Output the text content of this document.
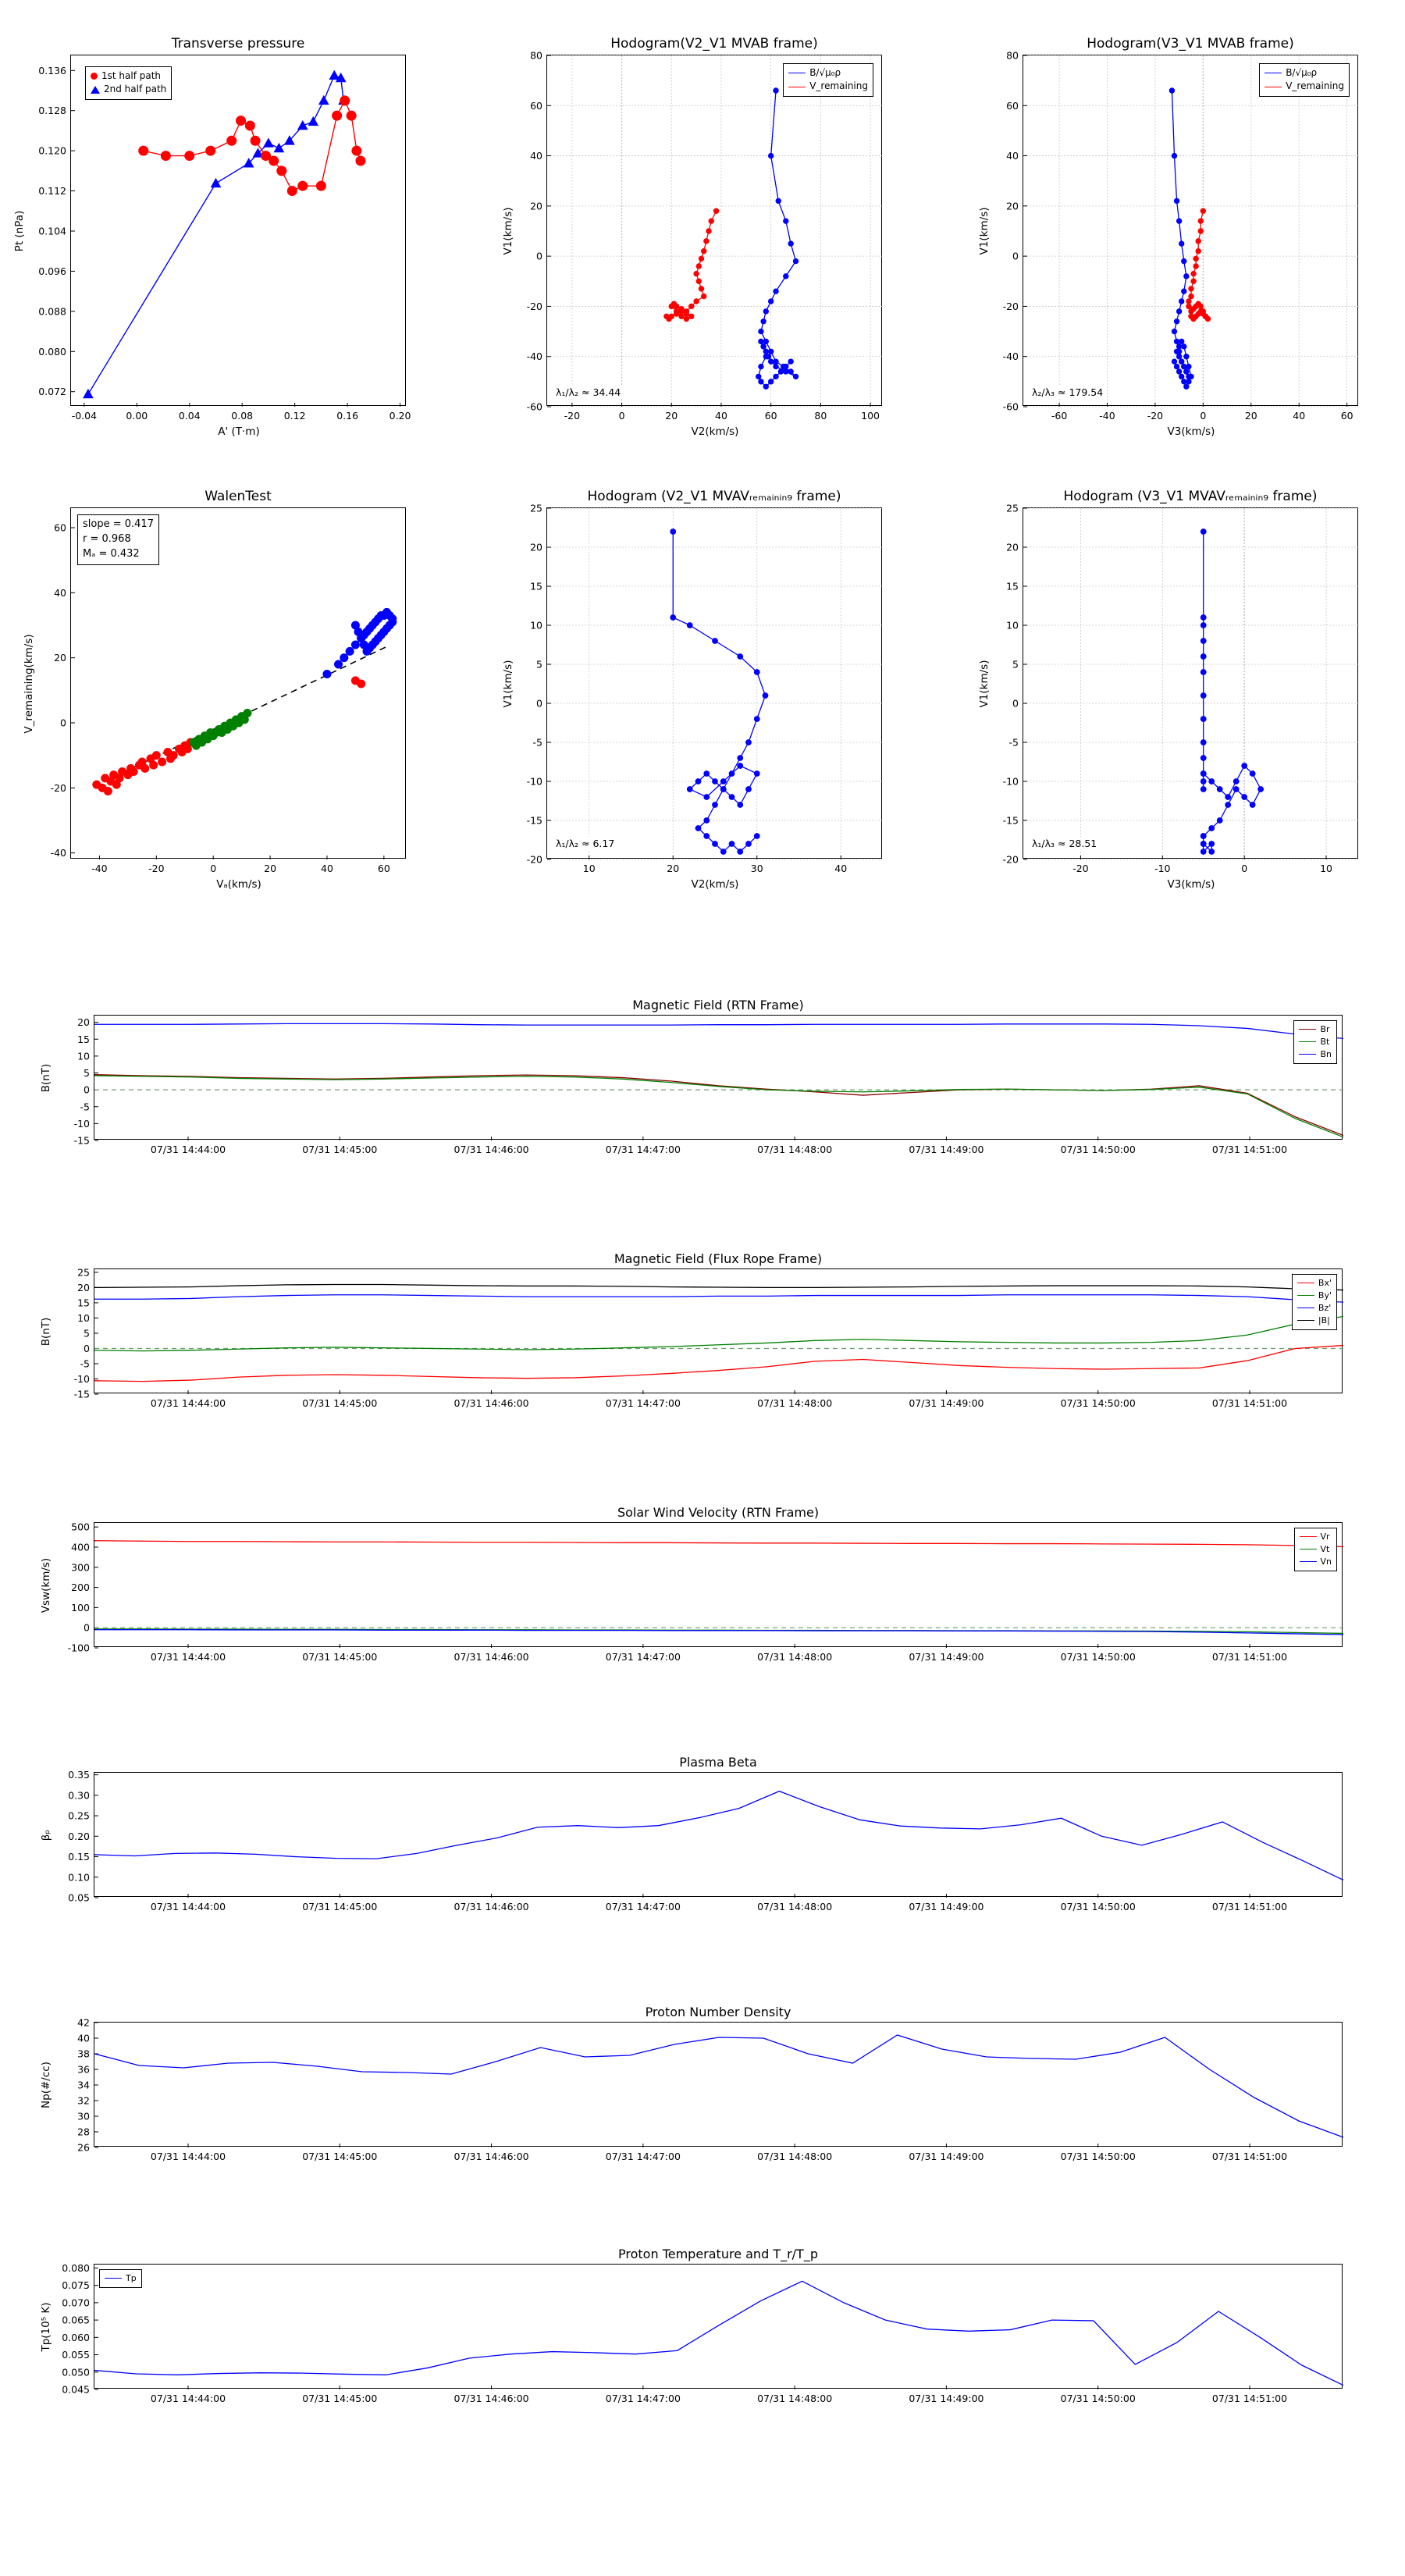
Transverse pressure
-0.04	0.00	0.04	0.08	0.12	0.16	0.20
0.072
0.080
0.088
0.096
0.104
0.112
0.120
0.128
0.136
A' (T·m)
Pt (nPa)
1st half path
2nd half path
Hodogram(V2_V1 MVAB frame)
-20	0	20	40	60	80	100
-60
-40
-20
0
20
40
60
80
V2(km/s)
V1(km/s)
B/√μ₀ρ
V_remaining
λ₁/λ₂ ≈ 34.44
Hodogram(V3_V1 MVAB frame)
-60	-40	-20	0	20	40	60
-60
-40
-20
0
20
40
60
80
V3(km/s)
V1(km/s)
B/√μ₀ρ
V_remaining
λ₂/λ₃ ≈ 179.54
WalenTest
-40	-20	0	20	40	60
-40
-20
0
20
40
60
Vₐ(km/s)
V_remaining(km/s)
slope = 0.417
r = 0.968
Mₐ = 0.432
Hodogram (V2_V1 MVAVᵣₑₘₐᵢₙᵢₙ₉ frame)
10	20	30	40
-20
-15
-10
-5
0
5
10
15
20
25
V2(km/s)
V1(km/s)
λ₁/λ₂ ≈ 6.17
Hodogram (V3_V1 MVAVᵣₑₘₐᵢₙᵢₙ₉ frame)
-20	-10	0	10
-20
-15
-10
-5
0
5
10
15
20
25
V3(km/s)
V1(km/s)
λ₁/λ₃ ≈ 28.51
Magnetic Field (RTN Frame)
07/31 14:44:00	07/31 14:45:00	07/31 14:46:00	07/31 14:47:00	07/31 14:48:00	07/31 14:49:00	07/31 14:50:00	07/31 14:51:00
-15
-10
-5
0
5
10
15
20
B(nT)
Br
Bt
Bn
Magnetic Field (Flux Rope Frame)
07/31 14:44:00	07/31 14:45:00	07/31 14:46:00	07/31 14:47:00	07/31 14:48:00	07/31 14:49:00	07/31 14:50:00	07/31 14:51:00
-15
-10
-5
0
5
10
15
20
25
B(nT)
Bx'
By'
Bz'
|B|
Solar Wind Velocity (RTN Frame)
07/31 14:44:00	07/31 14:45:00	07/31 14:46:00	07/31 14:47:00	07/31 14:48:00	07/31 14:49:00	07/31 14:50:00	07/31 14:51:00
-100
0
100
200
300
400
500
Vsw(km/s)
Vr
Vt
Vn
Plasma Beta
07/31 14:44:00	07/31 14:45:00	07/31 14:46:00	07/31 14:47:00	07/31 14:48:00	07/31 14:49:00	07/31 14:50:00	07/31 14:51:00
0.05
0.10
0.15
0.20
0.25
0.30
0.35
βₚ
Proton Number Density
07/31 14:44:00	07/31 14:45:00	07/31 14:46:00	07/31 14:47:00	07/31 14:48:00	07/31 14:49:00	07/31 14:50:00	07/31 14:51:00
26
28
30
32
34
36
38
40
42
Np(#/cc)
Proton Temperature and T_r/T_p
07/31 14:44:00	07/31 14:45:00	07/31 14:46:00	07/31 14:47:00	07/31 14:48:00	07/31 14:49:00	07/31 14:50:00	07/31 14:51:00
0.045
0.050
0.055
0.060
0.065
0.070
0.075
0.080
Tp(10⁵ K)
Tp
